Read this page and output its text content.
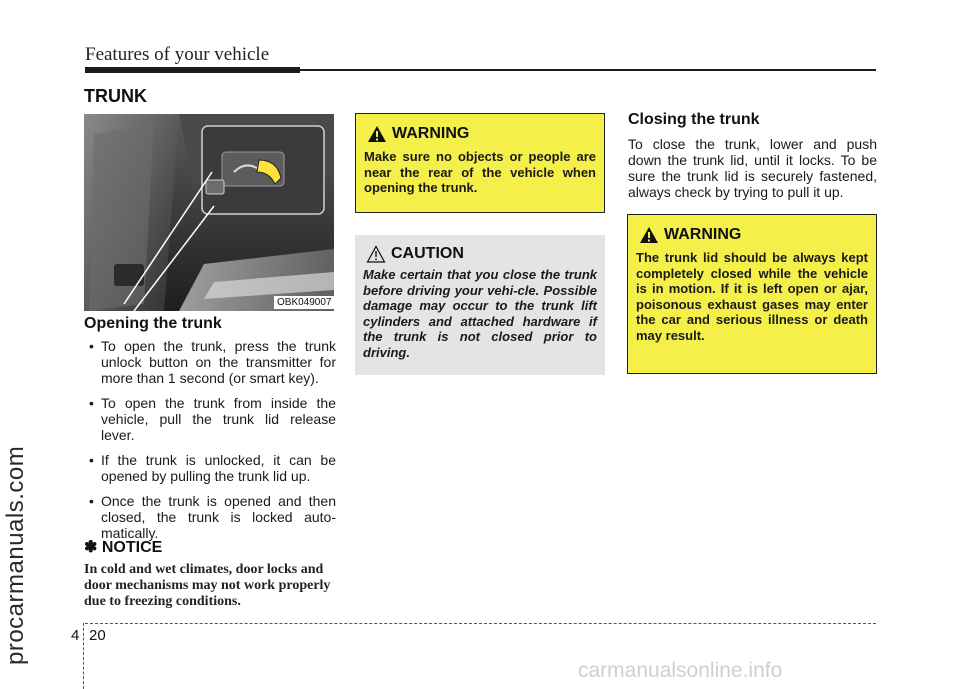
Features of your vehicle
TRUNK
procarmanuals.com
carmanualsonline.info
OBK049007
Opening the trunk
• To open the trunk, press the trunk unlock button on the transmitter for more than 1 second (or smart key).
• To open the trunk from inside the vehicle, pull the trunk lid release lever.
• If the trunk is unlocked, it can be opened by pulling the trunk lid up.
• Once the trunk is opened and then closed, the trunk is locked auto-matically.
✽ NOTICE
In cold and wet climates, door locks and door mechanisms may not work properly due to freezing conditions.
WARNING
Make sure no objects or people are near the rear of the vehicle when opening the trunk.
CAUTION
Make certain that you close the trunk before driving your vehi-cle. Possible damage may occur to the trunk lift cylinders and attached hardware if the trunk is not closed prior to driving.
Closing the trunk
To close the trunk, lower and push down the trunk lid, until it locks. To be sure the trunk lid is securely fastened, always check by trying to pull it up.
WARNING
The trunk lid should be always kept completely closed while the vehicle is in motion. If it is left open or ajar, poisonous exhaust gases may enter the car and serious illness or death may result.
4 20
